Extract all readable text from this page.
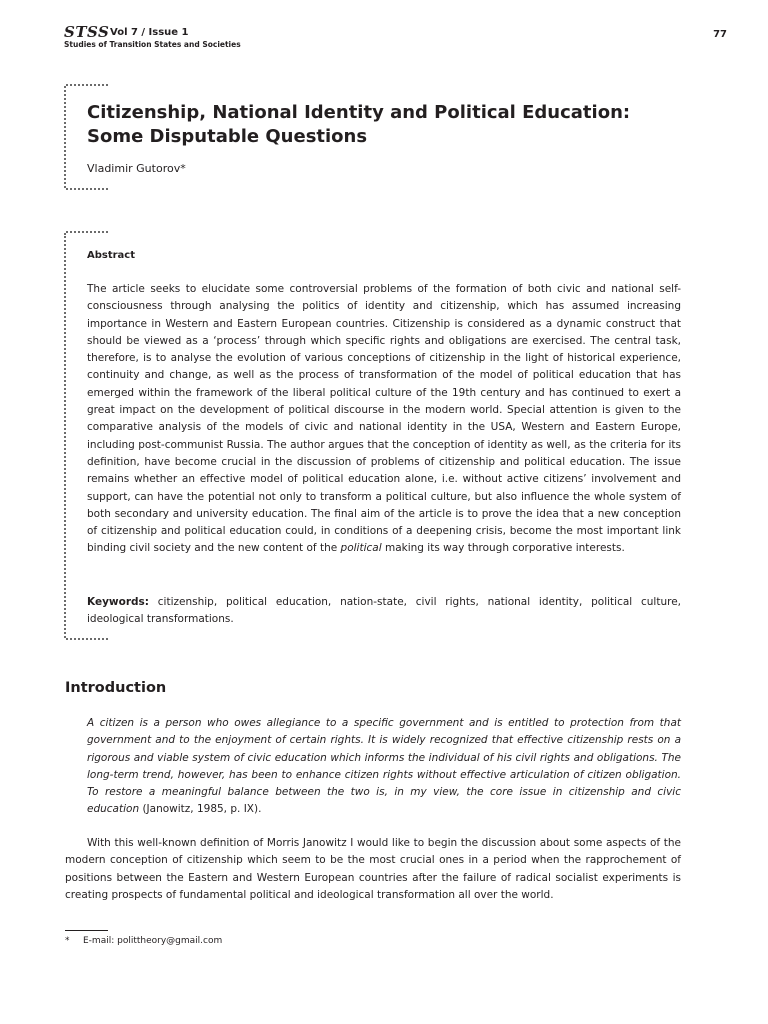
STSS Vol 7 / Issue 1
Studies of Transition States and Societies
77
Citizenship, National Identity and Political Education:
Some Disputable Questions
Vladimir Gutorov*
Abstract

The article seeks to elucidate some controversial problems of the formation of both civic and national self-consciousness through analysing the politics of identity and citizenship, which has assumed increasing importance in Western and Eastern European countries. Citizenship is considered as a dynamic construct that should be viewed as a ‘process’ through which specific rights and obligations are exercised. The central task, therefore, is to analyse the evolution of various conceptions of citizenship in the light of historical experience, continuity and change, as well as the process of transformation of the model of political education that has emerged within the framework of the liberal political culture of the 19th century and has continued to exert a great impact on the development of political discourse in the modern world. Special attention is given to the comparative analysis of the models of civic and national identity in the USA, Western and Eastern Europe, including post-communist Russia. The author argues that the conception of identity as well, as the criteria for its definition, have become crucial in the discussion of problems of citizenship and political education. The issue remains whether an effective model of political education alone, i.e. without active citizens’ involvement and support, can have the potential not only to transform a political culture, but also influence the whole system of both secondary and university education. The final aim of the article is to prove the idea that a new conception of citizenship and political education could, in conditions of a deepening crisis, become the most important link binding civil society and the new content of the political making its way through corporative interests.

Keywords: citizenship, political education, nation-state, civil rights, national identity, political culture, ideological transformations.

Introduction

A citizen is a person who owes allegiance to a specific government and is entitled to protection from that government and to the enjoyment of certain rights. It is widely recognized that effective citizenship rests on a rigorous and viable system of civic education which informs the individual of his civil rights and obligations. The long-term trend, however, has been to enhance citizen rights without effective articulation of citizen obligation. To restore a meaningful balance between the two is, in my view, the core issue in citizenship and civic education (Janowitz, 1985, p. IX).

With this well-known definition of Morris Janowitz I would like to begin the discussion about some aspects of the modern conception of citizenship which seem to be the most crucial ones in a period when the rapprochement of positions between the Eastern and Western European countries after the failure of radical socialist experiments is creating prospects of fundamental political and ideological transformation all over the world.

* E-mail: polittheory@gmail.com
